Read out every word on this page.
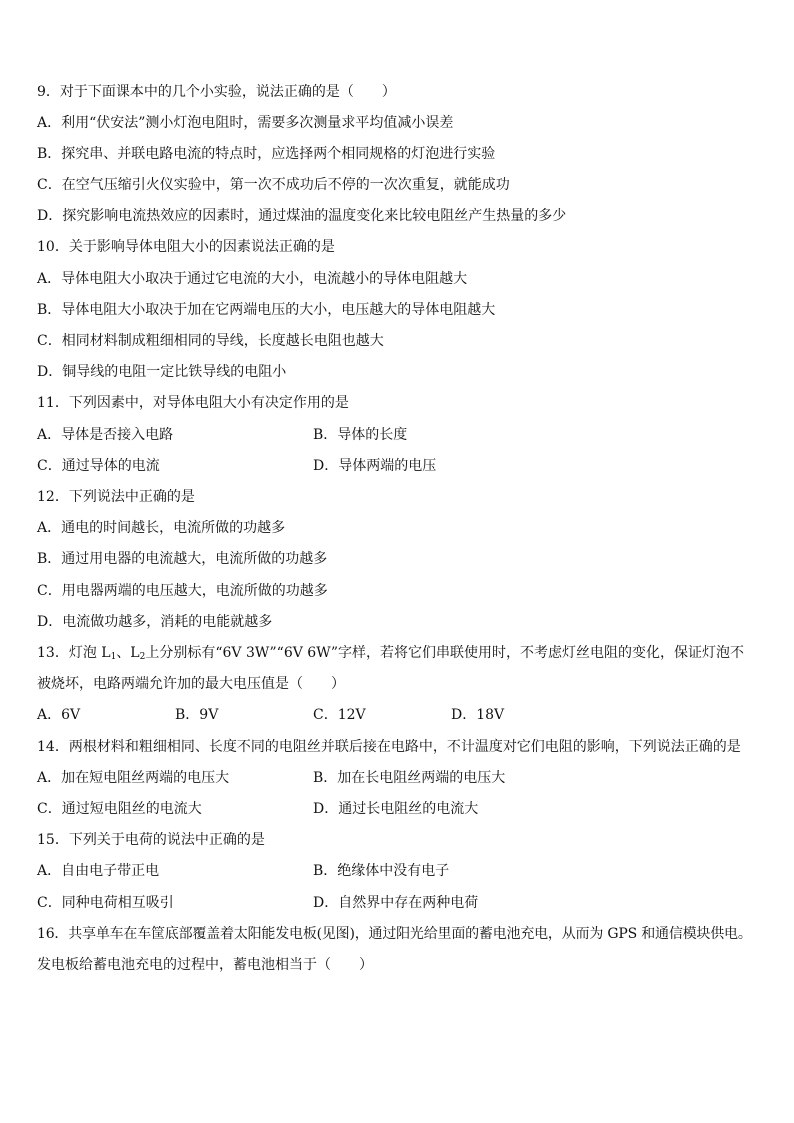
9．对于下面课本中的几个小实验，说法正确的是（　　）
A．利用“伏安法”测小灯泡电阻时，需要多次测量求平均值减小误差
B．探究串、并联电路电流的特点时，应选择两个相同规格的灯泡进行实验
C．在空气压缩引火仪实验中，第一次不成功后不停的一次次重复，就能成功
D．探究影响电流热效应的因素时，通过煤油的温度变化来比较电阻丝产生热量的多少
10．关于影响导体电阻大小的因素说法正确的是
A．导体电阻大小取决于通过它电流的大小，电流越小的导体电阻越大
B．导体电阻大小取决于加在它两端电压的大小，电压越大的导体电阻越大
C．相同材料制成粗细相同的导线，长度越长电阻也越大
D．铜导线的电阻一定比铁导线的电阻小
11．下列因素中，对导体电阻大小有决定作用的是
A．导体是否接入电路	B．导体的长度
C．通过导体的电流	D．导体两端的电压
12．下列说法中正确的是
A．通电的时间越长，电流所做的功越多
B．通过用电器的电流越大，电流所做的功越多
C．用电器两端的电压越大，电流所做的功越多
D．电流做功越多，消耗的电能就越多
13．灯泡 $L_1$、$L_2$上分别标有“6V 3W”“6V 6W”字样，若将它们串联使用时，不考虑灯丝电阻的变化，保证灯泡不
被烧坏，电路两端允许加的最大电压值是（　　）
A．6V	B．9V	C．12V	D．18V
14．两根材料和粗细相同、长度不同的电阻丝并联后接在电路中，不计温度对它们电阻的影响，下列说法正确的是
A．加在短电阻丝两端的电压大	B．加在长电阻丝两端的电压大
C．通过短电阻丝的电流大	D．通过长电阻丝的电流大
15．下列关于电荷的说法中正确的是
A．自由电子带正电	B．绝缘体中没有电子
C．同种电荷相互吸引	D．自然界中存在两种电荷
16．共享单车在车筐底部覆盖着太阳能发电板(见图)，通过阳光给里面的蓄电池充电，从而为 GPS 和通信模块供电。
发电板给蓄电池充电的过程中，蓄电池相当于（　　）
